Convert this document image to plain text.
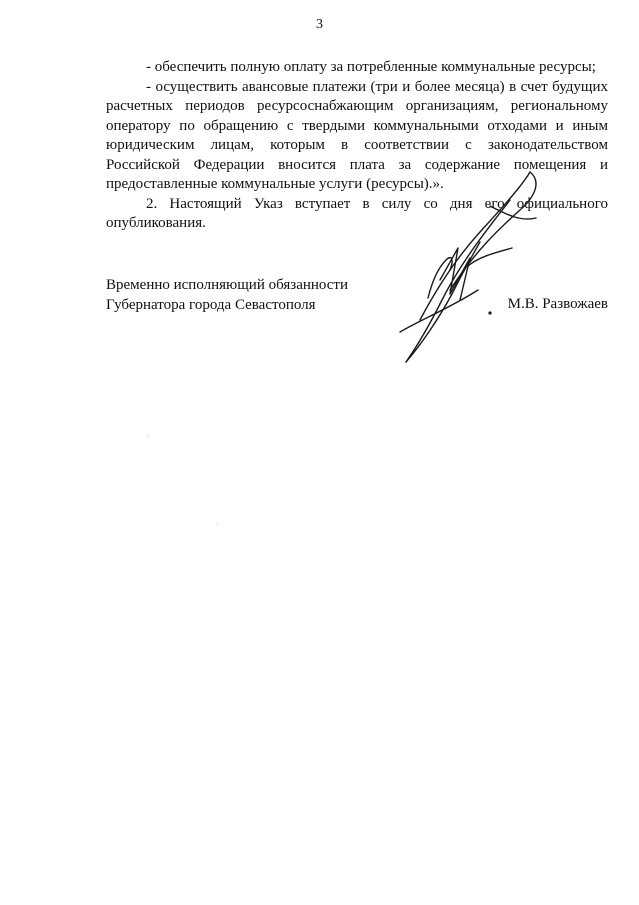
3

- обеспечить полную оплату за потребленные коммунальные ресурсы;

- осуществить авансовые платежи (три и более месяца) в счет будущих расчетных периодов ресурсоснабжающим организациям, региональному оператору по обращению с твердыми коммунальными отходами и иным юридическим лицам, которым в соответствии с законодательством Российской Федерации вносится плата за содержание помещения и предоставленные коммунальные услуги (ресурсы).».

2. Настоящий Указ вступает в силу со дня его официального опубликования.

Временно исполняющий обязанности
Губернатора города Севастополя	М.В. Развожаев
